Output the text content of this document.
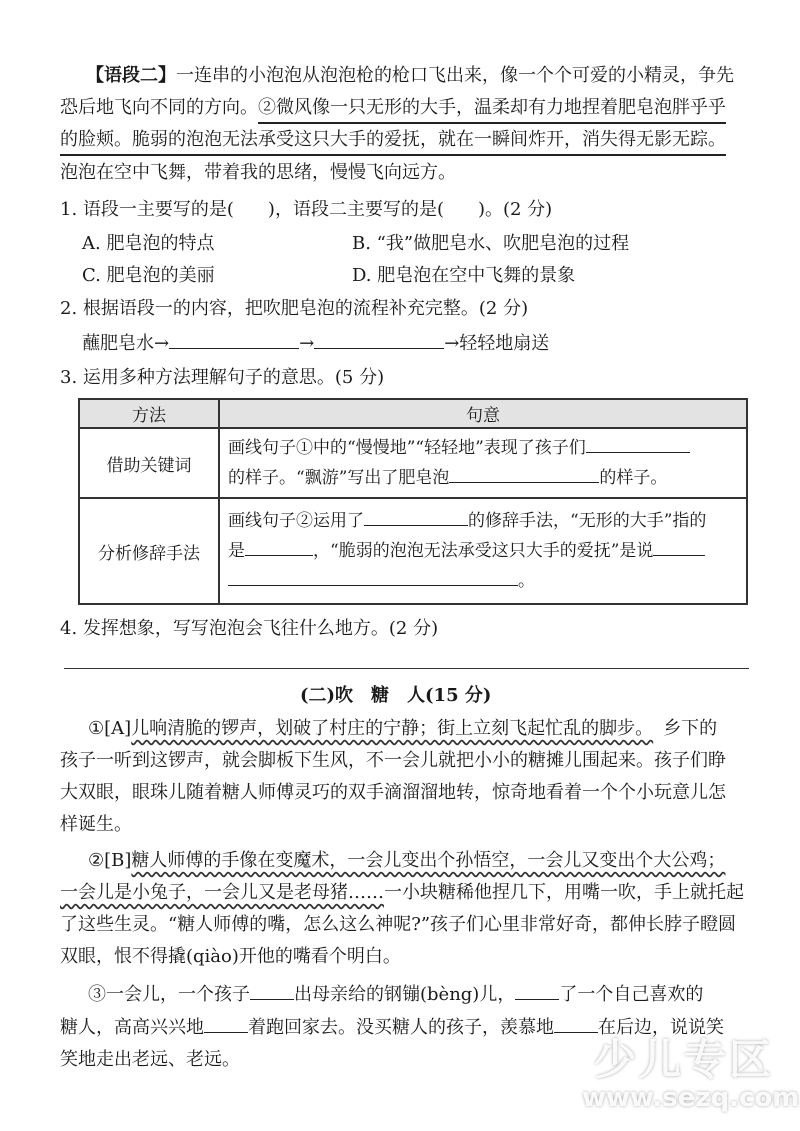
【语段二】一连串的小泡泡从泡泡枪的枪口飞出来，像一个个可爱的小精灵，争先
恐后地飞向不同的方向。②微风像一只无形的大手，温柔却有力地捏着肥皂泡胖乎乎
的脸颊。脆弱的泡泡无法承受这只大手的爱抚，就在一瞬间炸开，消失得无影无踪。
泡泡在空中飞舞，带着我的思绪，慢慢飞向远方。
1. 语段一主要写的是( )，语段二主要写的是( )。(2 分)
A. 肥皂泡的特点	B. “我”做肥皂水、吹肥皂泡的过程
C. 肥皂泡的美丽	D. 肥皂泡在空中飞舞的景象
2. 根据语段一的内容，把吹肥皂泡的流程补充完整。(2 分)
蘸肥皂水→	→	→轻轻地扇送
3. 运用多种方法理解句子的意思。(5 分)
方法	句意
借助关键词	画线句子①中的“慢慢地”“轻轻地”表现了孩子们
的样子。“飘游”写出了肥皂泡 的样子。
分析修辞手法	画线句子②运用了 的修辞手法，“无形的大手”指的
是 ，“脆弱的泡泡无法承受这只大手的爱抚”是说
。
4. 发挥想象，写写泡泡会飞往什么地方。(2 分)
(二)吹　糖　人(15 分)
①[A]儿响清脆的锣声，划破了村庄的宁静；街上立刻飞起忙乱的脚步。 乡下的
孩子一听到这锣声，就会脚板下生风，不一会儿就把小小的糖摊儿围起来。孩子们睁
大双眼，眼珠儿随着糖人师傅灵巧的双手滴溜溜地转，惊奇地看着一个个小玩意儿怎
样诞生。
②[B]糖人师傅的手像在变魔术，一会儿变出个孙悟空，一会儿又变出个大公鸡；
一会儿是小兔子，一会儿又是老母猪……一小块糖稀他捏几下，用嘴一吹，手上就托起
了这些生灵。“糖人师傅的嘴，怎么这么神呢?”孩子们心里非常好奇，都伸长脖子瞪圆
双眼，恨不得撬(qiào)开他的嘴看个明白。
③一会儿，一个孩子 出母亲给的钢镚(bèng)儿， 了一个自己喜欢的
糖人，高高兴兴地 着跑回家去。没买糖人的孩子，羡慕地 在后边，说说笑
笑地走出老远、老远。	少儿专区
www.sezq.com
